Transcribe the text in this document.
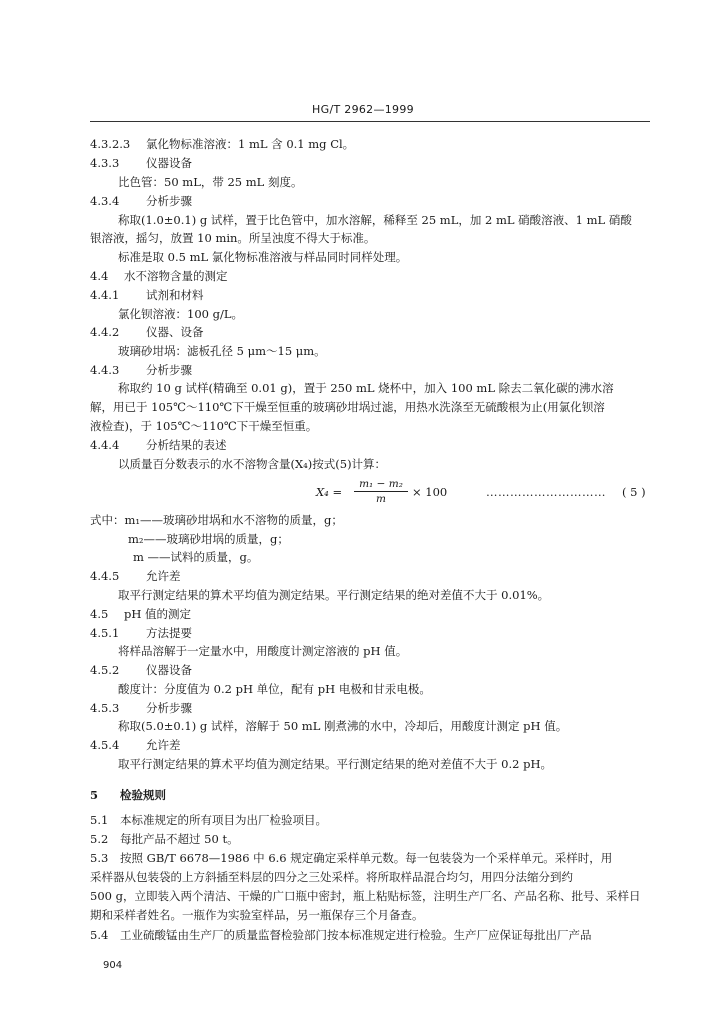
HG/T 2962—1999
4.3.2.3 氯化物标准溶液：1 mL 含 0.1 mg Cl。
4.3.3 仪器设备
比色管：50 mL，带 25 mL 刻度。
4.3.4 分析步骤
称取(1.0±0.1) g 试样，置于比色管中，加水溶解，稀释至 25 mL，加 2 mL 硝酸溶液、1 mL 硝酸
银溶液，摇匀，放置 10 min。所呈浊度不得大于标准。
标准是取 0.5 mL 氯化物标准溶液与样品同时同样处理。
4.4 水不溶物含量的测定
4.4.1 试剂和材料
氯化钡溶液：100 g/L。
4.4.2 仪器、设备
玻璃砂坩埚：滤板孔径 5 μm～15 μm。
4.4.3 分析步骤
称取约 10 g 试样(精确至 0.01 g)，置于 250 mL 烧杯中，加入 100 mL 除去二氧化碳的沸水溶
解，用已于 105℃～110℃下干燥至恒重的玻璃砂坩埚过滤，用热水洗涤至无硫酸根为止(用氯化钡溶
液检查)，于 105℃～110℃下干燥至恒重。
4.4.4 分析结果的表述
以质量百分数表示的水不溶物含量(X₄)按式(5)计算：
X₄ =
m₁ − m₂
m	× 100	………………………… ( 5 )
式中：m₁——玻璃砂坩埚和水不溶物的质量，g；
m₂——玻璃砂坩埚的质量，g；
m ——试料的质量，g。
4.4.5 允许差
取平行测定结果的算术平均值为测定结果。平行测定结果的绝对差值不大于 0.01%。
4.5 pH 值的测定
4.5.1 方法提要
将样品溶解于一定量水中，用酸度计测定溶液的 pH 值。
4.5.2 仪器设备
酸度计：分度值为 0.2 pH 单位，配有 pH 电极和甘汞电极。
4.5.3 分析步骤
称取(5.0±0.1) g 试样，溶解于 50 mL 刚煮沸的水中，冷却后，用酸度计测定 pH 值。
4.5.4 允许差
取平行测定结果的算术平均值为测定结果。平行测定结果的绝对差值不大于 0.2 pH。
5 检验规则
5.1 本标准规定的所有项目为出厂检验项目。
5.2 每批产品不超过 50 t。
5.3 按照 GB/T 6678—1986 中 6.6 规定确定采样单元数。每一包装袋为一个采样单元。采样时，用
采样器从包装袋的上方斜插至料层的四分之三处采样。将所取样品混合均匀，用四分法缩分到约
500 g，立即装入两个清洁、干燥的广口瓶中密封，瓶上粘贴标签，注明生产厂名、产品名称、批号、采样日
期和采样者姓名。一瓶作为实验室样品，另一瓶保存三个月备查。
5.4 工业硫酸锰由生产厂的质量监督检验部门按本标准规定进行检验。生产厂应保证每批出厂产品
904
